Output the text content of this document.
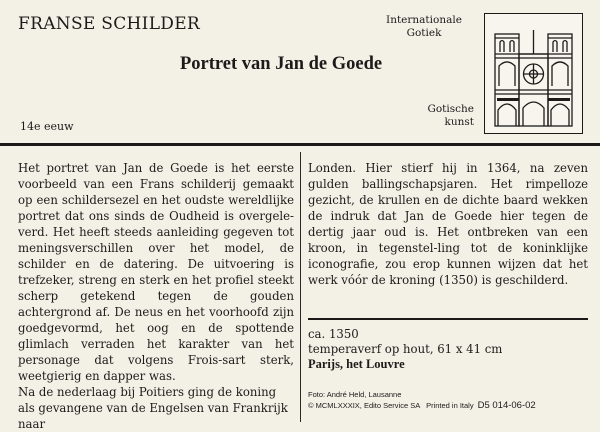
FRANSE SCHILDER
Portret van Jan de Goede
14e eeuw
Internationale
Gotiek
Gotische
kunst

Het portret van Jan de Goede is het eerste voorbeeld van een Frans schilderij gemaakt op een schildersezel en het oudste wereldlijke portret dat ons sinds de Oudheid is overgele-verd. Het heeft steeds aanleiding gegeven tot meningsverschillen over het model, de schilder en de datering. De uitvoering is trefzeker, streng en sterk en het profiel steekt scherp getekend tegen de gouden achtergrond af. De neus en het voorhoofd zijn goedgevormd, het oog en de spottende glimlach verraden het karakter van het personage dat volgens Frois-sart sterk, weetgierig en dapper was.

Na de nederlaag bij Poitiers ging de koning als gevangene van de Engelsen van Frankrijk naar

Londen. Hier stierf hij in 1364, na zeven gulden ballingschapsjaren. Het rimpelloze gezicht, de krullen en de dichte baard wekken de indruk dat Jan de Goede hier tegen de dertig jaar oud is. Het ontbreken van een kroon, in tegenstel-ling tot de koninklijke iconografie, zou erop kunnen wijzen dat het werk vóór de kroning (1350) is geschilderd.

ca. 1350
temperaverf op hout, 61 x 41 cm
Parijs, het Louvre
Foto: André Held, Lausanne
© MCMLXXXIX, Edito Service SA   Printed in Italy D5 014-06-02
